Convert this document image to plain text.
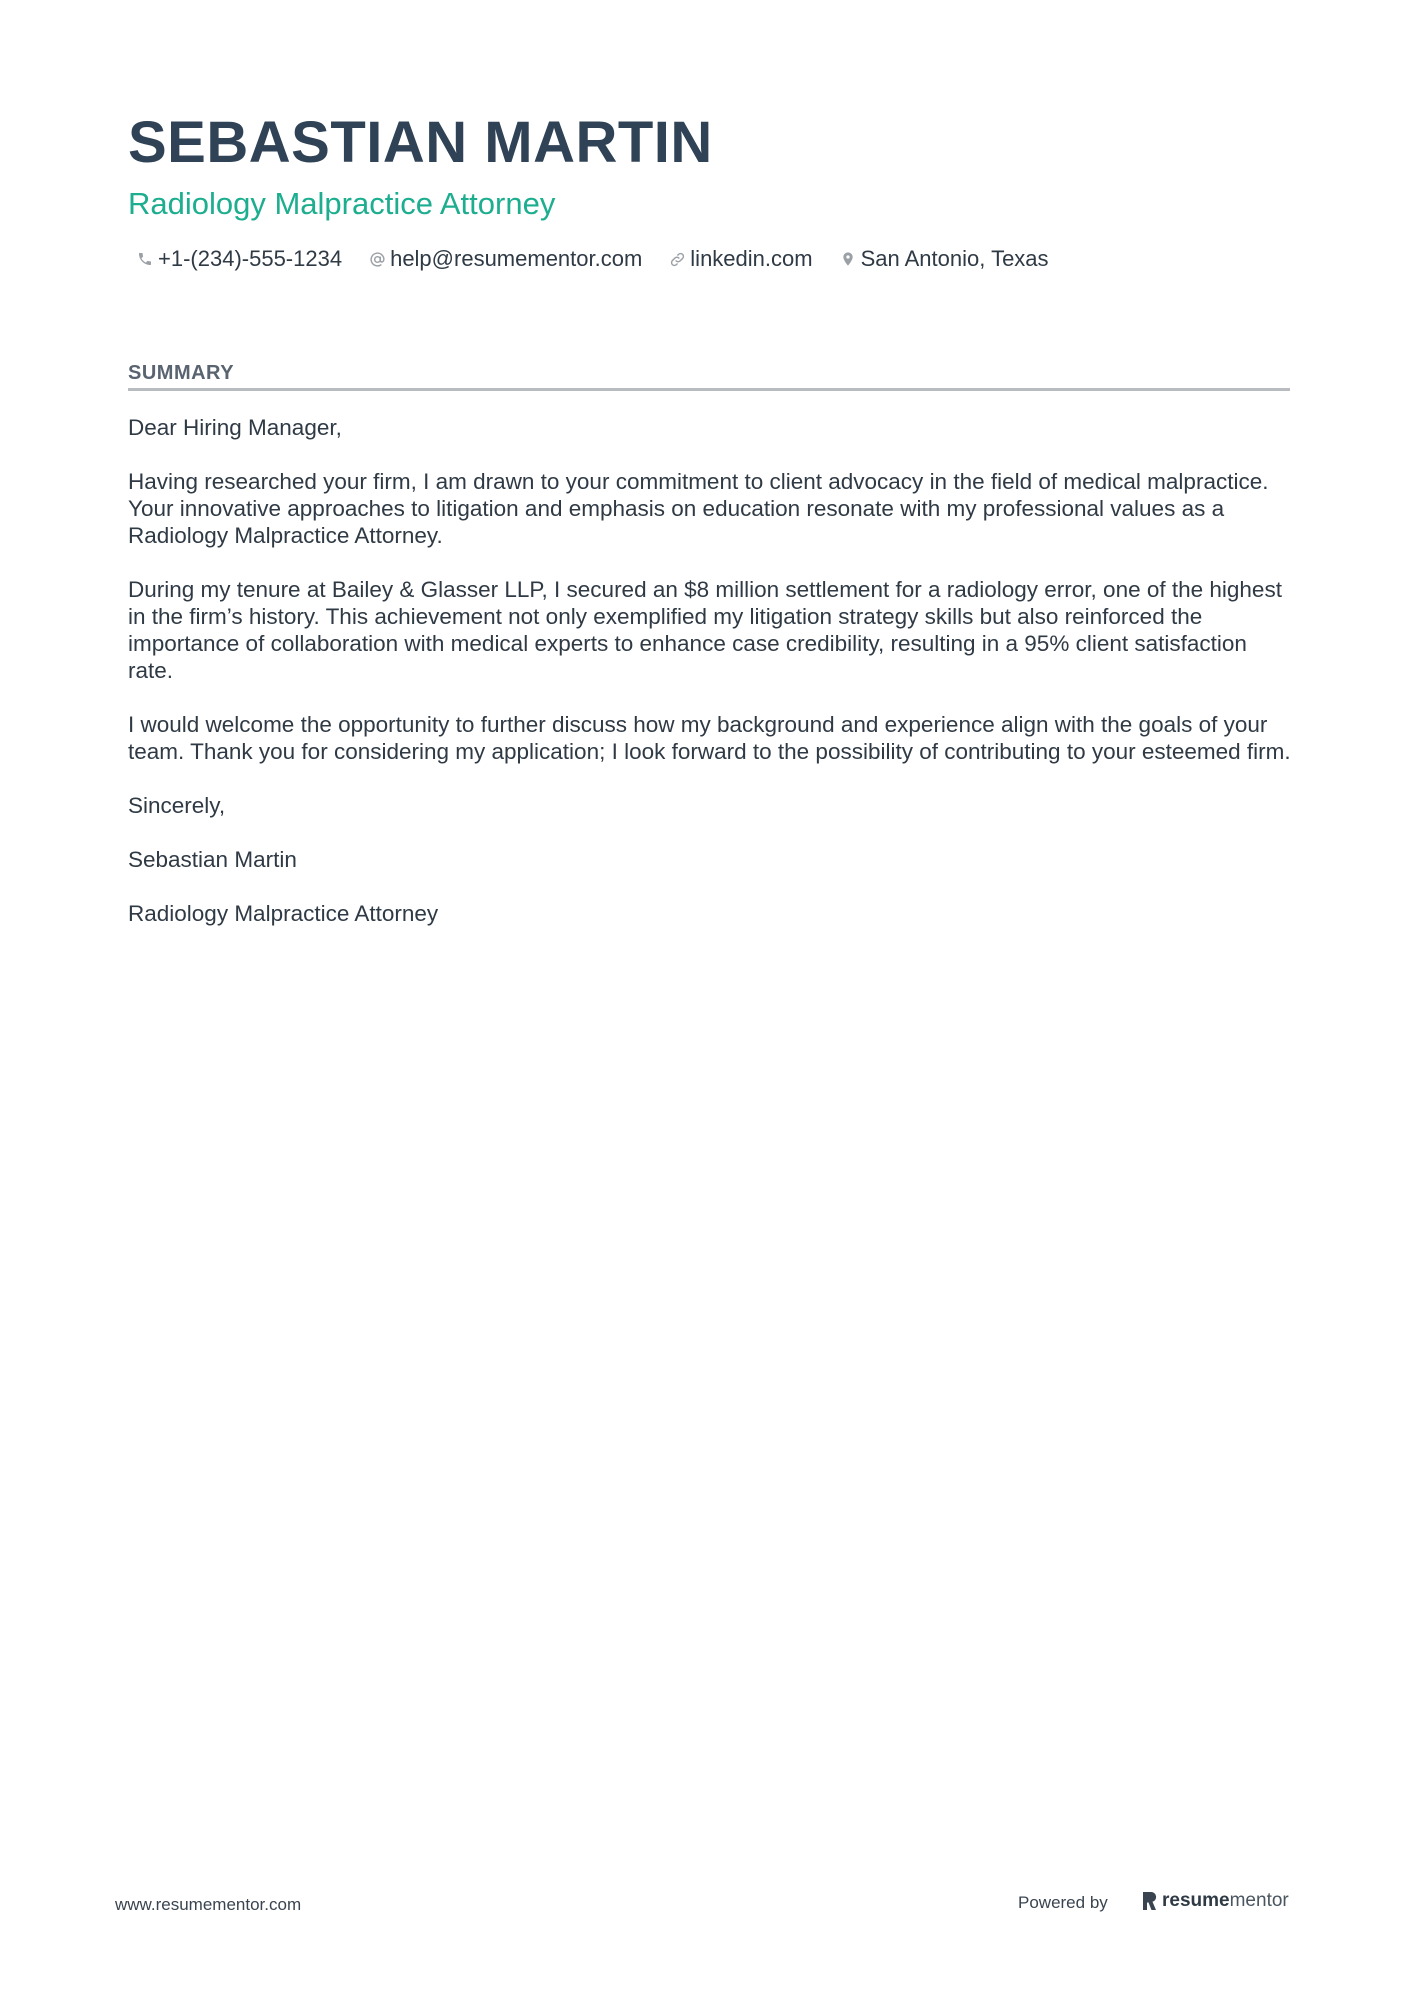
SEBASTIAN MARTIN
Radiology Malpractice Attorney
+1-(234)-555-1234 help@resumementor.com linkedin.com San Antonio, Texas
SUMMARY

Dear Hiring Manager,

Having researched your firm, I am drawn to your commitment to client advocacy in the field of medical malpractice. Your innovative approaches to litigation and emphasis on education resonate with my professional values as a Radiology Malpractice Attorney.

During my tenure at Bailey & Glasser LLP, I secured an $8 million settlement for a radiology error, one of the highest in the firm’s history. This achievement not only exemplified my litigation strategy skills but also reinforced the importance of collaboration with medical experts to enhance case credibility, resulting in a 95% client satisfaction rate.

I would welcome the opportunity to further discuss how my background and experience align with the goals of your team. Thank you for considering my application; I look forward to the possibility of contributing to your esteemed firm.

Sincerely,

Sebastian Martin

Radiology Malpractice Attorney

www.resumementor.com	Powered by	resume mentor
